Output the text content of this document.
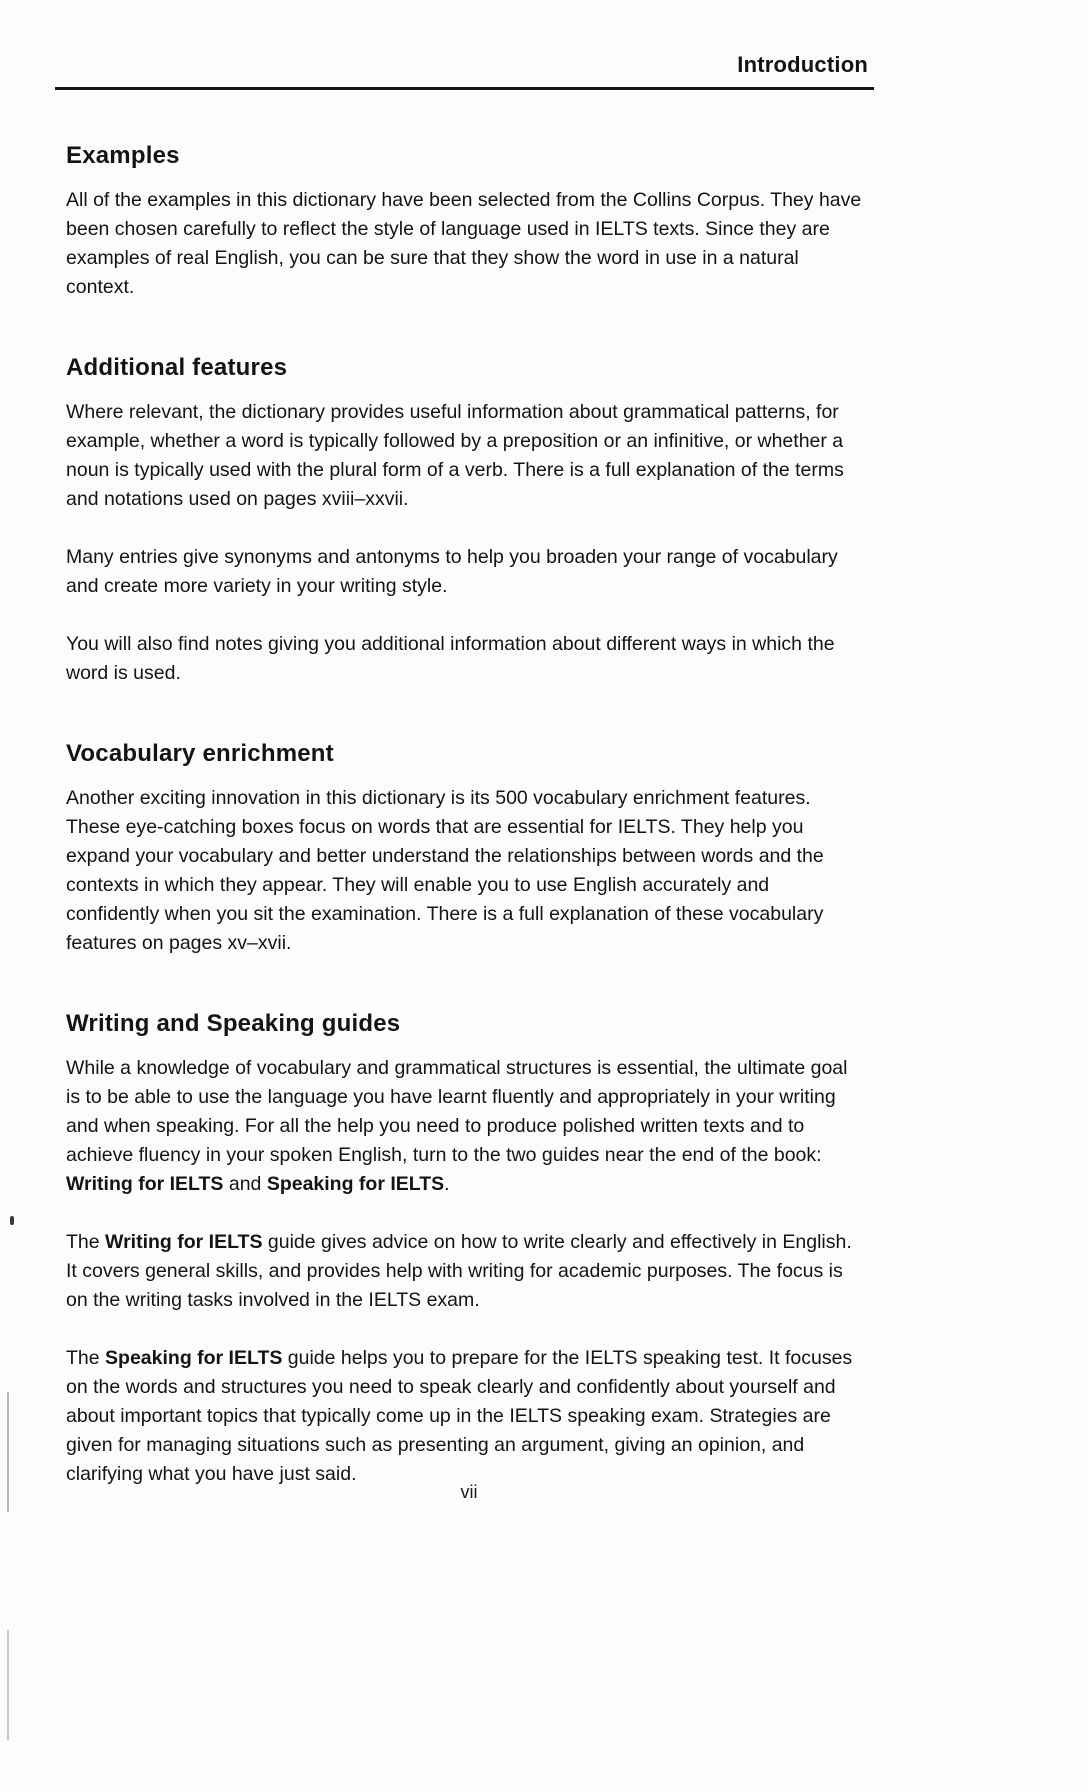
Introduction
Examples

All of the examples in this dictionary have been selected from the Collins Corpus. They have been chosen carefully to reflect the style of language used in IELTS texts. Since they are examples of real English, you can be sure that they show the word in use in a natural context.

Additional features

Where relevant, the dictionary provides useful information about grammatical patterns, for example, whether a word is typically followed by a preposition or an infinitive, or whether a noun is typically used with the plural form of a verb. There is a full explanation of the terms and notations used on pages xviii–xxvii.

Many entries give synonyms and antonyms to help you broaden your range of vocabulary and create more variety in your writing style.

You will also find notes giving you additional information about different ways in which the word is used.

Vocabulary enrichment

Another exciting innovation in this dictionary is its 500 vocabulary enrichment features. These eye-catching boxes focus on words that are essential for IELTS. They help you expand your vocabulary and better understand the relationships between words and the contexts in which they appear. They will enable you to use English accurately and confidently when you sit the examination. There is a full explanation of these vocabulary features on pages xv–xvii.

Writing and Speaking guides

While a knowledge of vocabulary and grammatical structures is essential, the ultimate goal is to be able to use the language you have learnt fluently and appropriately in your writing and when speaking. For all the help you need to produce polished written texts and to achieve fluency in your spoken English, turn to the two guides near the end of the book: Writing for IELTS and Speaking for IELTS.

The Writing for IELTS guide gives advice on how to write clearly and effectively in English. It covers general skills, and provides help with writing for academic purposes. The focus is on the writing tasks involved in the IELTS exam.

The Speaking for IELTS guide helps you to prepare for the IELTS speaking test. It focuses on the words and structures you need to speak clearly and confidently about yourself and about important topics that typically come up in the IELTS speaking exam. Strategies are given for managing situations such as presenting an argument, giving an opinion, and clarifying what you have just said.

vii
